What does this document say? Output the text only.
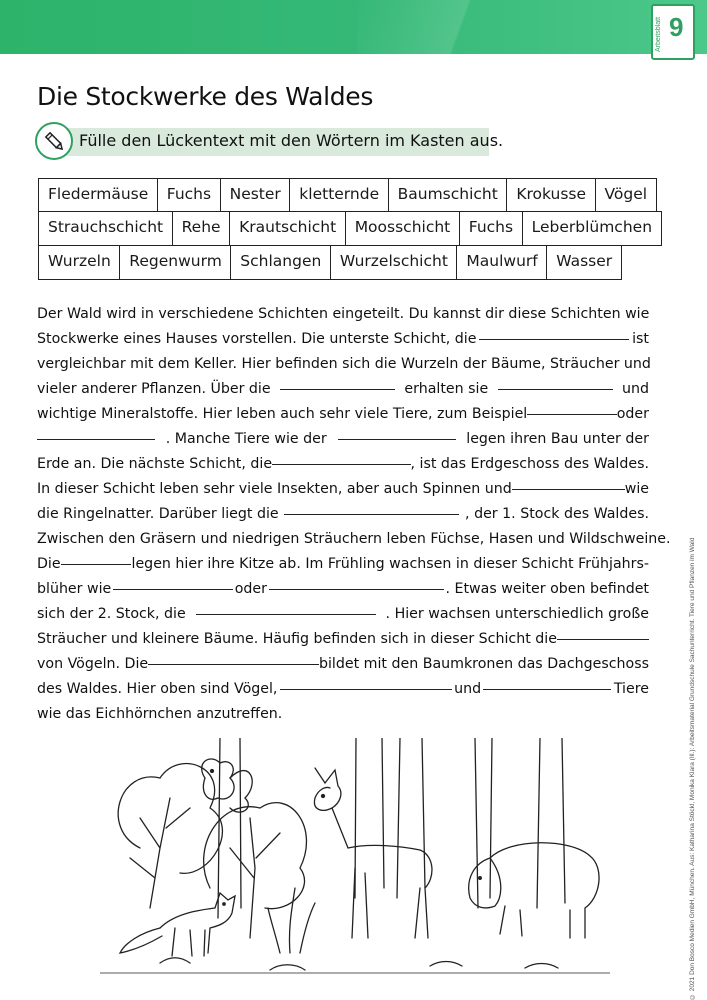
Arbeitsblatt 9
Die Stockwerke des Waldes
Fülle den Lückentext mit den Wörtern im Kasten aus.
Fledermäuse	Fuchs	Nester	kletternde	Baumschicht	Krokusse	Vögel
Strauchschicht	Rehe	Krautschicht	Moosschicht	Fuchs	Leberblümchen
Wurzeln	Regenwurm	Schlangen	Wurzelschicht	Maulwurf	Wasser
Der Wald wird in verschiedene Schichten eingeteilt. Du kannst dir diese Schichten wie
Stockwerke eines Hauses vorstellen. Die unterste Schicht, die	ist
vergleichbar mit dem Keller. Hier befinden sich die Wurzeln der Bäume, Sträucher und
vieler anderer Pflanzen. Über die	erhalten sie	und
wichtige Mineralstoffe. Hier leben auch sehr viele Tiere, zum Beispiel	oder
. Manche Tiere wie der	legen ihren Bau unter der
Erde an. Die nächste Schicht, die	, ist das Erdgeschoss des Waldes.
In dieser Schicht leben sehr viele Insekten, aber auch Spinnen und	wie
die Ringelnatter. Darüber liegt die	, der 1. Stock des Waldes.
Zwischen den Gräsern und niedrigen Sträuchern leben Füchse, Hasen und Wildschweine.
Die	legen hier ihre Kitze ab. Im Frühling wachsen in dieser Schicht Frühjahrs-
blüher wie	oder	. Etwas weiter oben befindet
sich der 2. Stock, die	. Hier wachsen unterschiedlich große
Sträucher und kleinere Bäume. Häufig befinden sich in dieser Schicht die
von Vögeln. Die	bildet mit den Baumkronen das Dachgeschoss
des Waldes. Hier oben sind Vögel,	und	Tiere
wie das Eichhörnchen anzutreffen.	© 2021 Don Bosco Medien GmbH, München. Aus: Katharina Stöckl, Monika Klara (Ill.): Arbeitsmaterial Grundschule Sachunterricht. Tiere und Pflanzen im Wald
